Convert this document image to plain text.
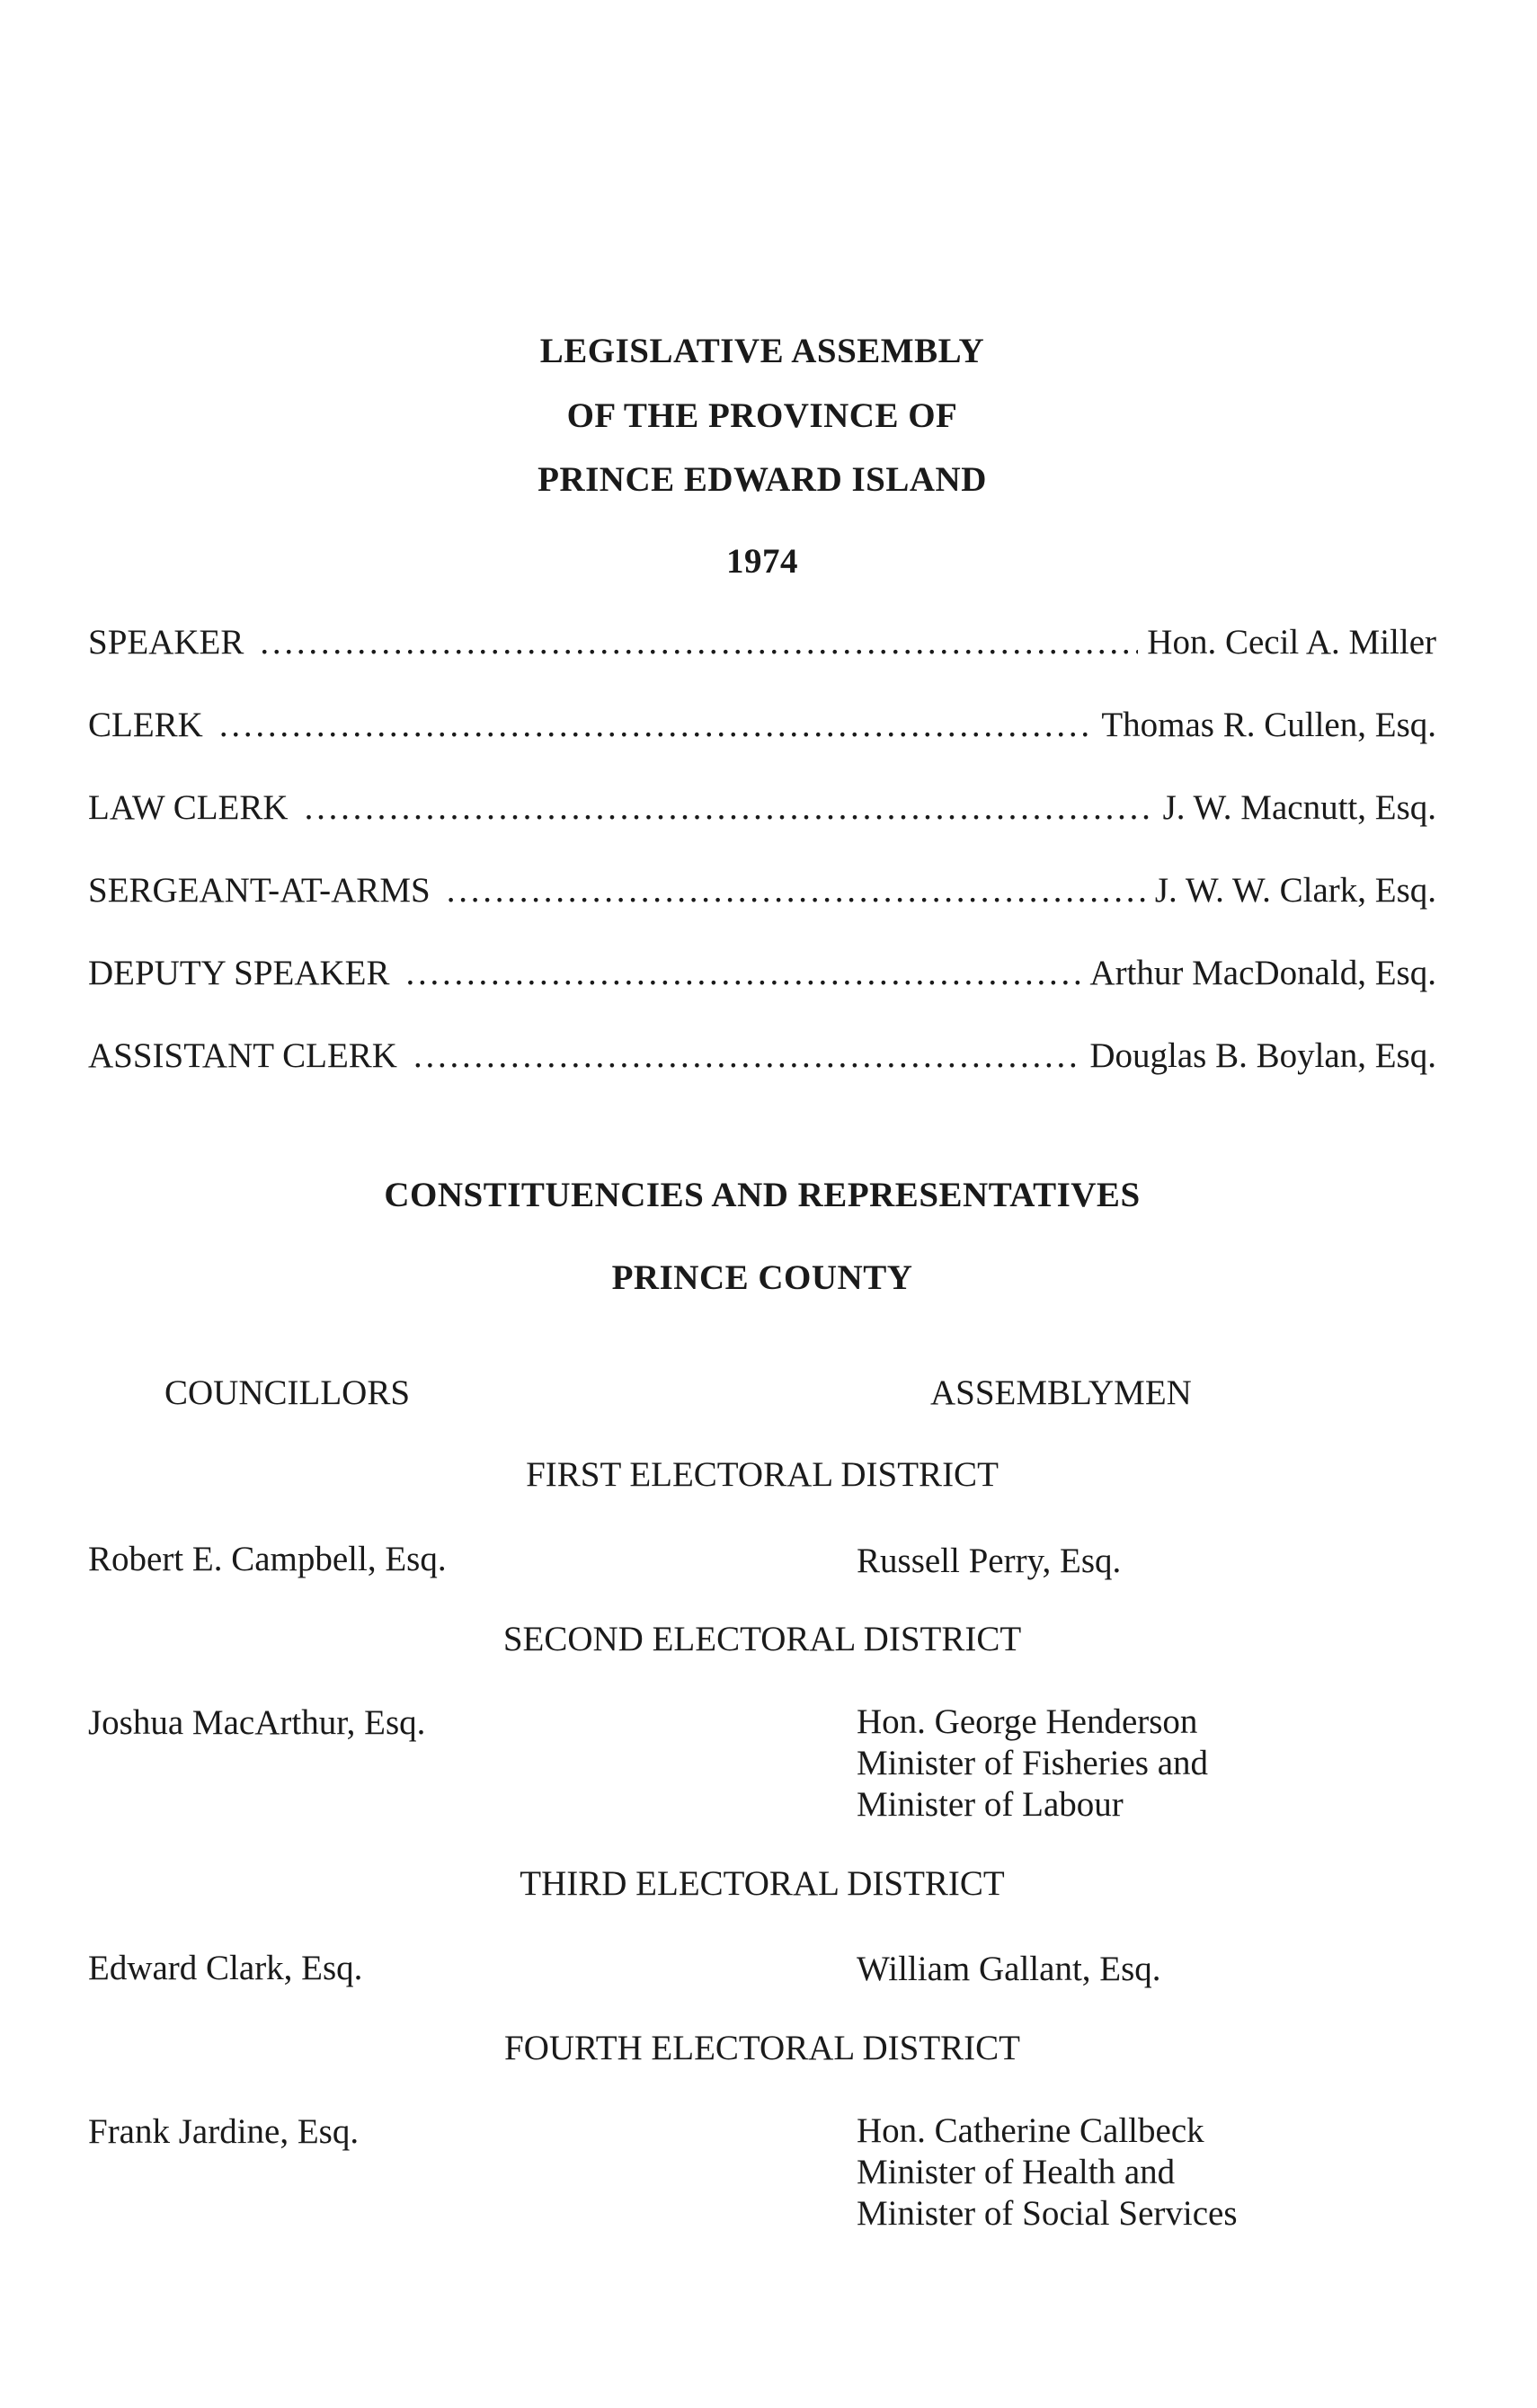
LEGISLATIVE ASSEMBLY
OF THE PROVINCE OF
PRINCE EDWARD ISLAND
1974
SPEAKER . . .	Hon. Cecil A. Miller
CLERK . . .	Thomas R. Cullen, Esq.
LAW CLERK . . .	J. W. Macnutt, Esq.
SERGEANT-AT-ARMS . . .	J. W. W. Clark, Esq.
DEPUTY SPEAKER . . .	Arthur MacDonald, Esq.
ASSISTANT CLERK . . .	Douglas B. Boylan, Esq.
CONSTITUENCIES AND REPRESENTATIVES
PRINCE COUNTY
COUNCILLORS	ASSEMBLYMEN
FIRST ELECTORAL DISTRICT
Robert E. Campbell, Esq.	Russell Perry, Esq.
SECOND ELECTORAL DISTRICT
Joshua MacArthur, Esq.	Hon. George Henderson
Minister of Fisheries and
Minister of Labour
THIRD ELECTORAL DISTRICT
Edward Clark, Esq.	William Gallant, Esq.
FOURTH ELECTORAL DISTRICT
Frank Jardine, Esq.	Hon. Catherine Callbeck
Minister of Health and
Minister of Social Services
